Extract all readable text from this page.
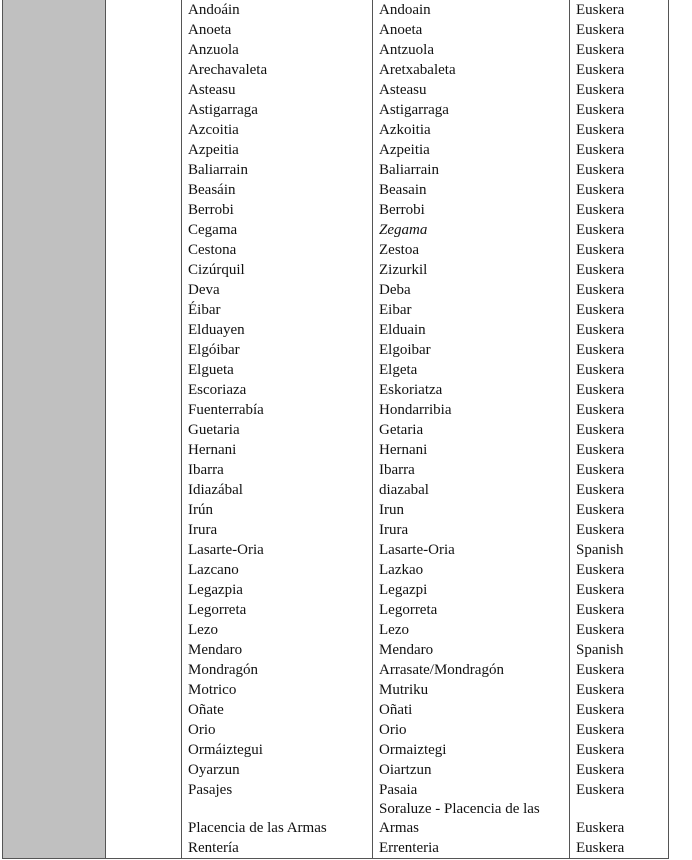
		Andoáin	Andoain	Euskera
		Anoeta	Anoeta	Euskera
		Anzuola	Antzuola	Euskera
		Arechavaleta	Aretxabaleta	Euskera
		Asteasu	Asteasu	Euskera
		Astigarraga	Astigarraga	Euskera
		Azcoitia	Azkoitia	Euskera
		Azpeitia	Azpeitia	Euskera
		Baliarrain	Baliarrain	Euskera
		Beasáin	Beasain	Euskera
		Berrobi	Berrobi	Euskera
		Cegama	Zegama	Euskera
		Cestona	Zestoa	Euskera
		Cizúrquil	Zizurkil	Euskera
		Deva	Deba	Euskera
		Éibar	Eibar	Euskera
		Elduayen	Elduain	Euskera
		Elgóibar	Elgoibar	Euskera
		Elgueta	Elgeta	Euskera
		Escoriaza	Eskoriatza	Euskera
		Fuenterrabía	Hondarribia	Euskera
		Guetaria	Getaria	Euskera
		Hernani	Hernani	Euskera
		Ibarra	Ibarra	Euskera
		Idiazábal	diazabal	Euskera
		Irún	Irun	Euskera
		Irura	Irura	Euskera
		Lasarte-Oria	Lasarte-Oria	Spanish
		Lazcano	Lazkao	Euskera
		Legazpia	Legazpi	Euskera
		Legorreta	Legorreta	Euskera
		Lezo	Lezo	Euskera
		Mendaro	Mendaro	Spanish
		Mondragón	Arrasate/Mondragón	Euskera
		Motrico	Mutriku	Euskera
		Oñate	Oñati	Euskera
		Orio	Orio	Euskera
		Ormáiztegui	Ormaiztegi	Euskera
		Oyarzun	Oiartzun	Euskera
		Pasajes	Pasaia	Euskera
		Placencia de las Armas	Soraluze - Placencia de las Armas	Euskera
		Rentería	Errenteria	Euskera
